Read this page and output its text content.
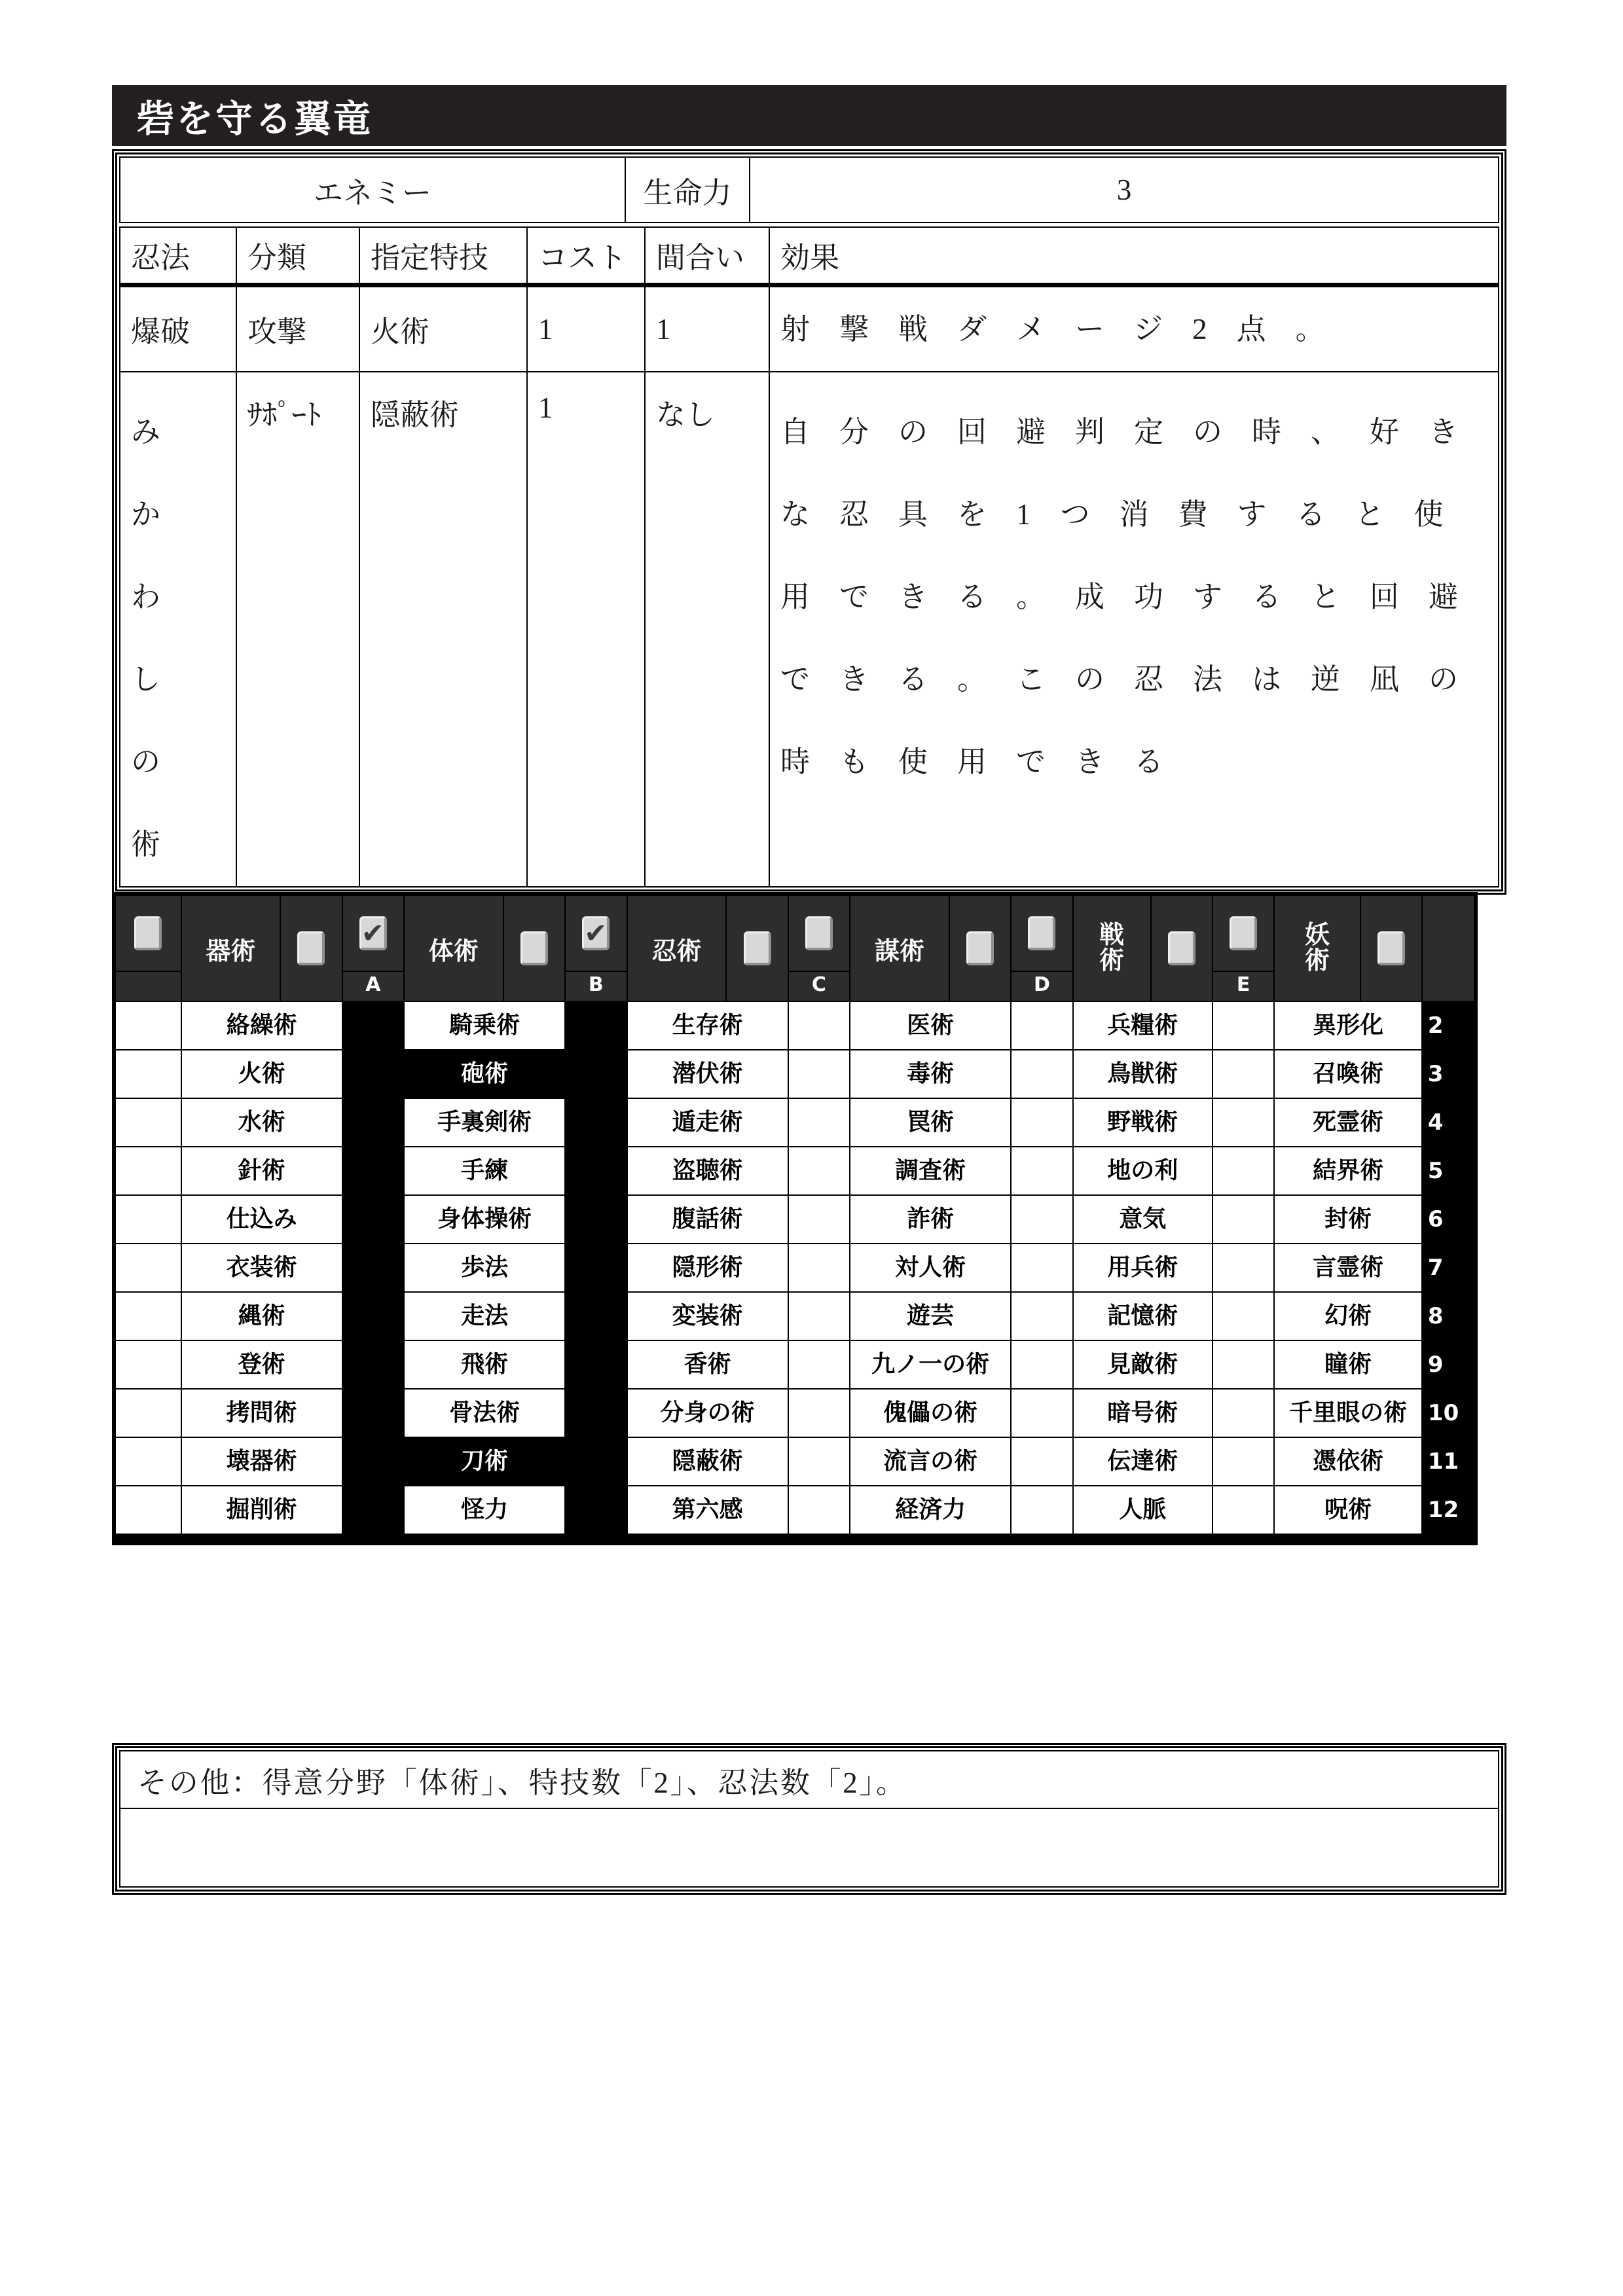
砦を守る翼竜
エネミー	生命力	3
忍法	分類	指定特技	コスト	間合い	効果
爆破	攻撃	火術	1	1	射撃戦ダメージ2点。
みかわしの術	ｻﾎﾟｰﾄ	隠蔽術	1	なし	自分の回避判定の時、好きな忍具を1つ消費すると使用できる。成功すると回避できる。この忍法は逆凪の時も使用できる
	器術		✔	体術		✔	忍術			謀術			戦術			妖術	

			A			B			C			D			E			
	絡繰術			騎乗術			生存術			医術			兵糧術			異形化		2
	火術			砲術			潜伏術			毒術			鳥獣術			召喚術		3
	水術			手裏剣術			遁走術			罠術			野戦術			死霊術		4
	針術			手練			盗聴術			調査術			地の利			結界術		5
	仕込み			身体操術			腹話術			詐術			意気			封術		6
	衣装術			歩法			隠形術			対人術			用兵術			言霊術		7
	縄術			走法			変装術			遊芸			記憶術			幻術		8
	登術			飛術			香術			九ノ一の術			見敵術			瞳術		9
	拷問術			骨法術			分身の術			傀儡の術			暗号術			千里眼の術		10
	壊器術			刀術			隠蔽術			流言の術			伝達術			憑依術		11
	掘削術			怪力			第六感			経済力			人脈			呪術		12
その他：得意分野「体術」、特技数「2」、忍法数「2」。
